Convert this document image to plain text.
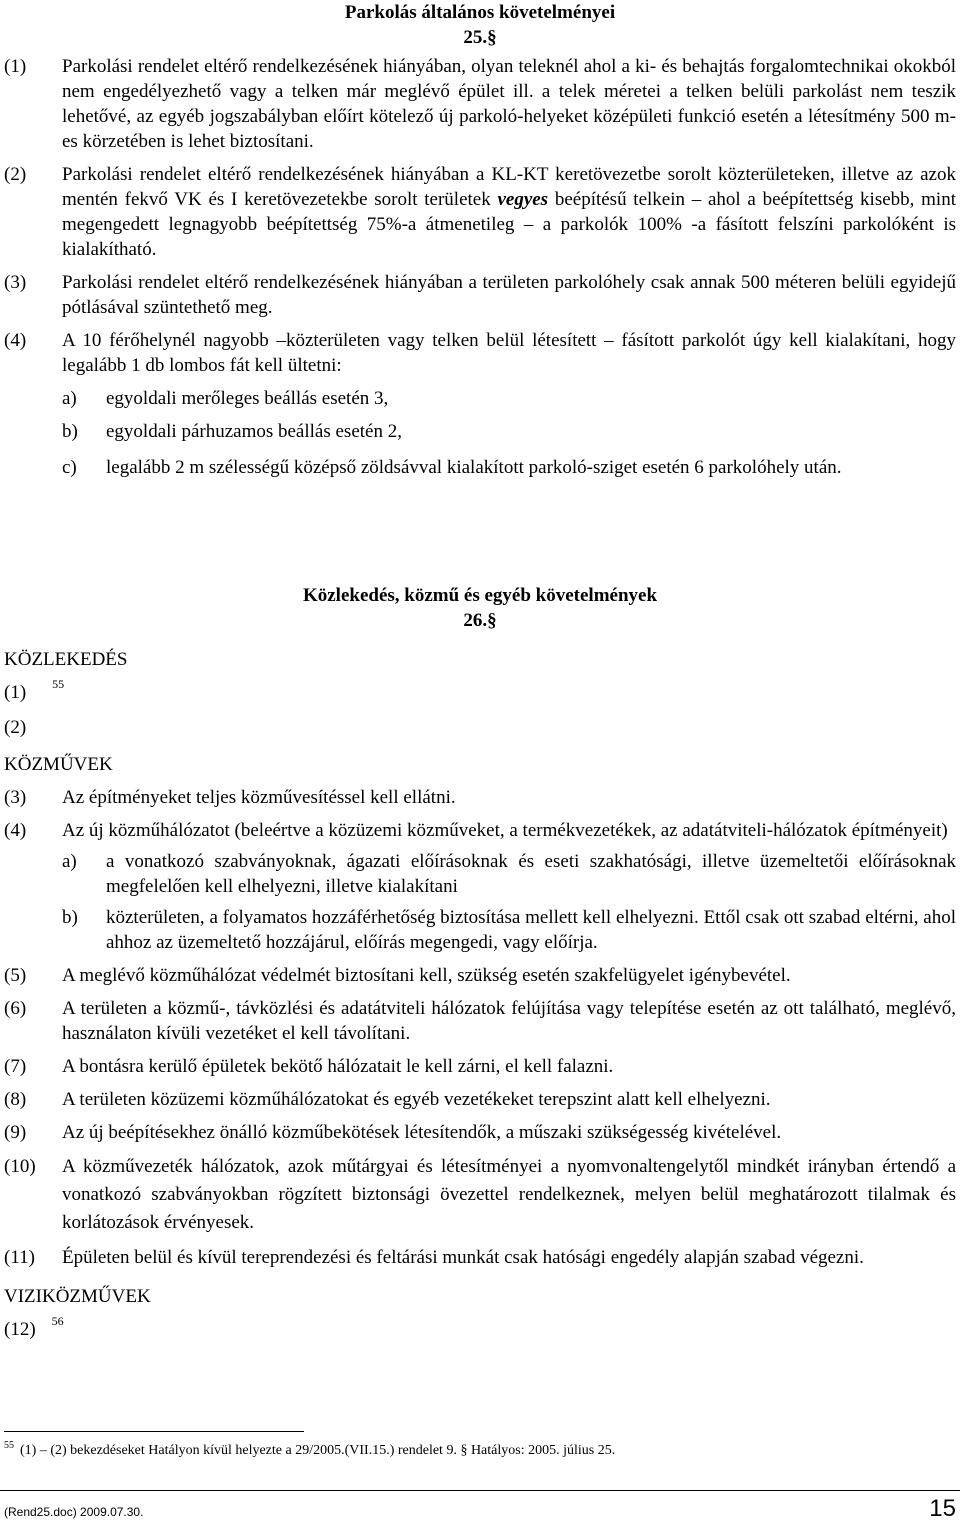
Parkolás általános követelményei

25.§

(1) Parkolási rendelet eltérő rendelkezésének hiányában, olyan teleknél ahol a ki- és behajtás forgalomtechnikai okokból nem engedélyezhető vagy a telken már meglévő épület ill. a telek méretei a telken belüli parkolást nem teszik lehetővé, az egyéb jogszabályban előírt kötelező új parkoló-helyeket középületi funkció esetén a létesítmény 500 m-es körzetében is lehet biztosítani.

(2) Parkolási rendelet eltérő rendelkezésének hiányában a KL-KT keretövezetbe sorolt közterületeken, illetve az azok mentén fekvő VK és I keretövezetekbe sorolt területek vegyes beépítésű telkein – ahol a beépítettség kisebb, mint megengedett legnagyobb beépítettség 75%-a átmenetileg – a parkolók 100% -a fásított felszíni parkolóként is kialakítható.

(3) Parkolási rendelet eltérő rendelkezésének hiányában a területen parkolóhely csak annak 500 méteren belüli egyidejű pótlásával szüntethető meg.

(4) A 10 férőhelynél nagyobb –közterületen vagy telken belül létesített – fásított parkolót úgy kell kialakítani, hogy legalább 1 db lombos fát kell ültetni:

a) egyoldali merőleges beállás esetén 3,

b) egyoldali párhuzamos beállás esetén 2,

c) legalább 2 m szélességű középső zöldsávval kialakított parkoló-sziget esetén 6 parkolóhely után.

Közlekedés, közmű és egyéb követelmények

26.§

KÖZLEKEDÉS

(1) $^{55}$

(2)

KÖZMŰVEK

(3) Az építményeket teljes közművesítéssel kell ellátni.

(4) Az új közműhálózatot (beleértve a közüzemi közműveket, a termékvezetékek, az adatátviteli-hálózatok építményeit)

a) a vonatkozó szabványoknak, ágazati előírásoknak és eseti szakhatósági, illetve üzemeltetői előírásoknak megfelelően kell elhelyezni, illetve kialakítani

b) közterületen, a folyamatos hozzáférhetőség biztosítása mellett kell elhelyezni. Ettől csak ott szabad eltérni, ahol ahhoz az üzemeltető hozzájárul, előírás megengedi, vagy előírja.

(5) A meglévő közműhálózat védelmét biztosítani kell, szükség esetén szakfelügyelet igénybevétel.

(6) A területen a közmű-, távközlési és adatátviteli hálózatok felújítása vagy telepítése esetén az ott található, meglévő, használaton kívüli vezetéket el kell távolítani.

(7) A bontásra kerülő épületek bekötő hálózatait le kell zárni, el kell falazni.

(8) A területen közüzemi közműhálózatokat és egyéb vezetékeket terepszint alatt kell elhelyezni.

(9) Az új beépítésekhez önálló közműbekötések létesítendők, a műszaki szükségesség kivételével.

(10) A közművezeték hálózatok, azok műtárgyai és létesítményei a nyomvonaltengelytől mindkét irányban értendő a vonatkozó szabványokban rögzített biztonsági övezettel rendelkeznek, melyen belül meghatározott tilalmak és korlátozások érvényesek.

(11) Épületen belül és kívül tereprendezési és feltárási munkát csak hatósági engedély alapján szabad végezni.

VIZIKÖZMŰVEK

(12) $^{56}$

$^{55}$ (1) – (2) bekezdéseket Hatályon kívül helyezte a 29/2005.(VII.15.) rendelet 9. § Hatályos: 2005. július 25.
(Rend25.doc) 2009.07.30.	15
